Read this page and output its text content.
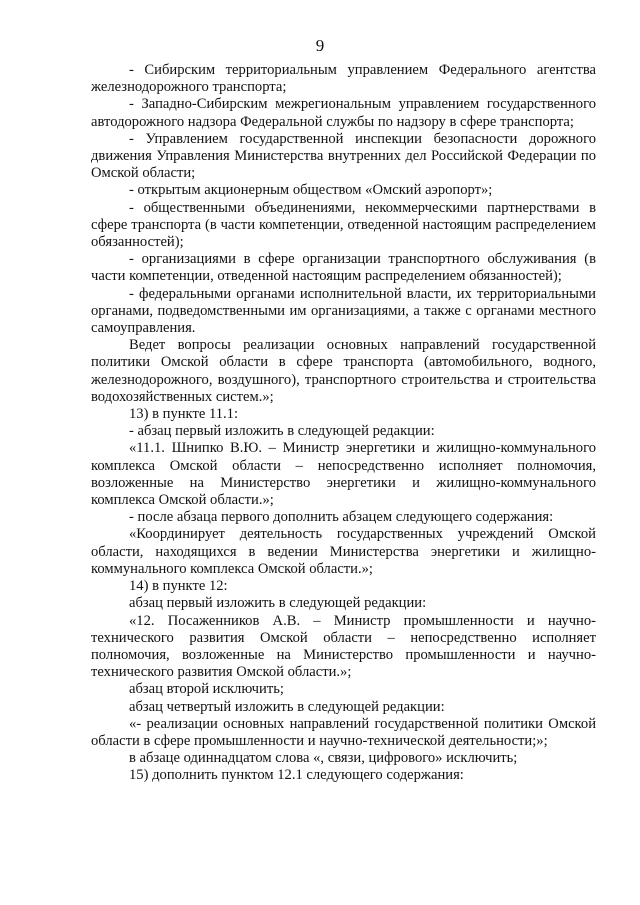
9

- Сибирским территориальным управлением Федерального агентства железнодорожного транспорта;

- Западно-Сибирским межрегиональным управлением государственного автодорожного надзора Федеральной службы по надзору в сфере транспорта;

- Управлением государственной инспекции безопасности дорожного движения Управления Министерства внутренних дел Российской Федерации по Омской области;

- открытым акционерным обществом «Омский аэропорт»;

- общественными объединениями, некоммерческими партнерствами в сфере транспорта (в части компетенции, отведенной настоящим распределением обязанностей);

- организациями в сфере организации транспортного обслуживания (в части компетенции, отведенной настоящим распределением обязанностей);

- федеральными органами исполнительной власти, их территориальными органами, подведомственными им организациями, а также с органами местного самоуправления.

Ведет вопросы реализации основных направлений государственной политики Омской области в сфере транспорта (автомобильного, водного, железнодорожного, воздушного), транспортного строительства и строительства водохозяйственных систем.»;

13) в пункте 11.1:

- абзац первый изложить в следующей редакции:

«11.1. Шнипко В.Ю. – Министр энергетики и жилищно-коммунального комплекса Омской области – непосредственно исполняет полномочия, возложенные на Министерство энергетики и жилищно-коммунального комплекса Омской области.»;

- после абзаца первого дополнить абзацем следующего содержания:

«Координирует деятельность государственных учреждений Омской области, находящихся в ведении Министерства энергетики и жилищно-коммунального комплекса Омской области.»;

14) в пункте 12:

абзац первый изложить в следующей редакции:

«12. Посаженников А.В. – Министр промышленности и научно-технического развития Омской области – непосредственно исполняет полномочия, возложенные на Министерство промышленности и научно-технического развития Омской области.»;

абзац второй исключить;

абзац четвертый изложить в следующей редакции:

«- реализации основных направлений государственной политики Омской области в сфере промышленности и научно-технической деятельности;»;

в абзаце одиннадцатом слова «, связи, цифрового» исключить;

15) дополнить пунктом 12.1 следующего содержания:
